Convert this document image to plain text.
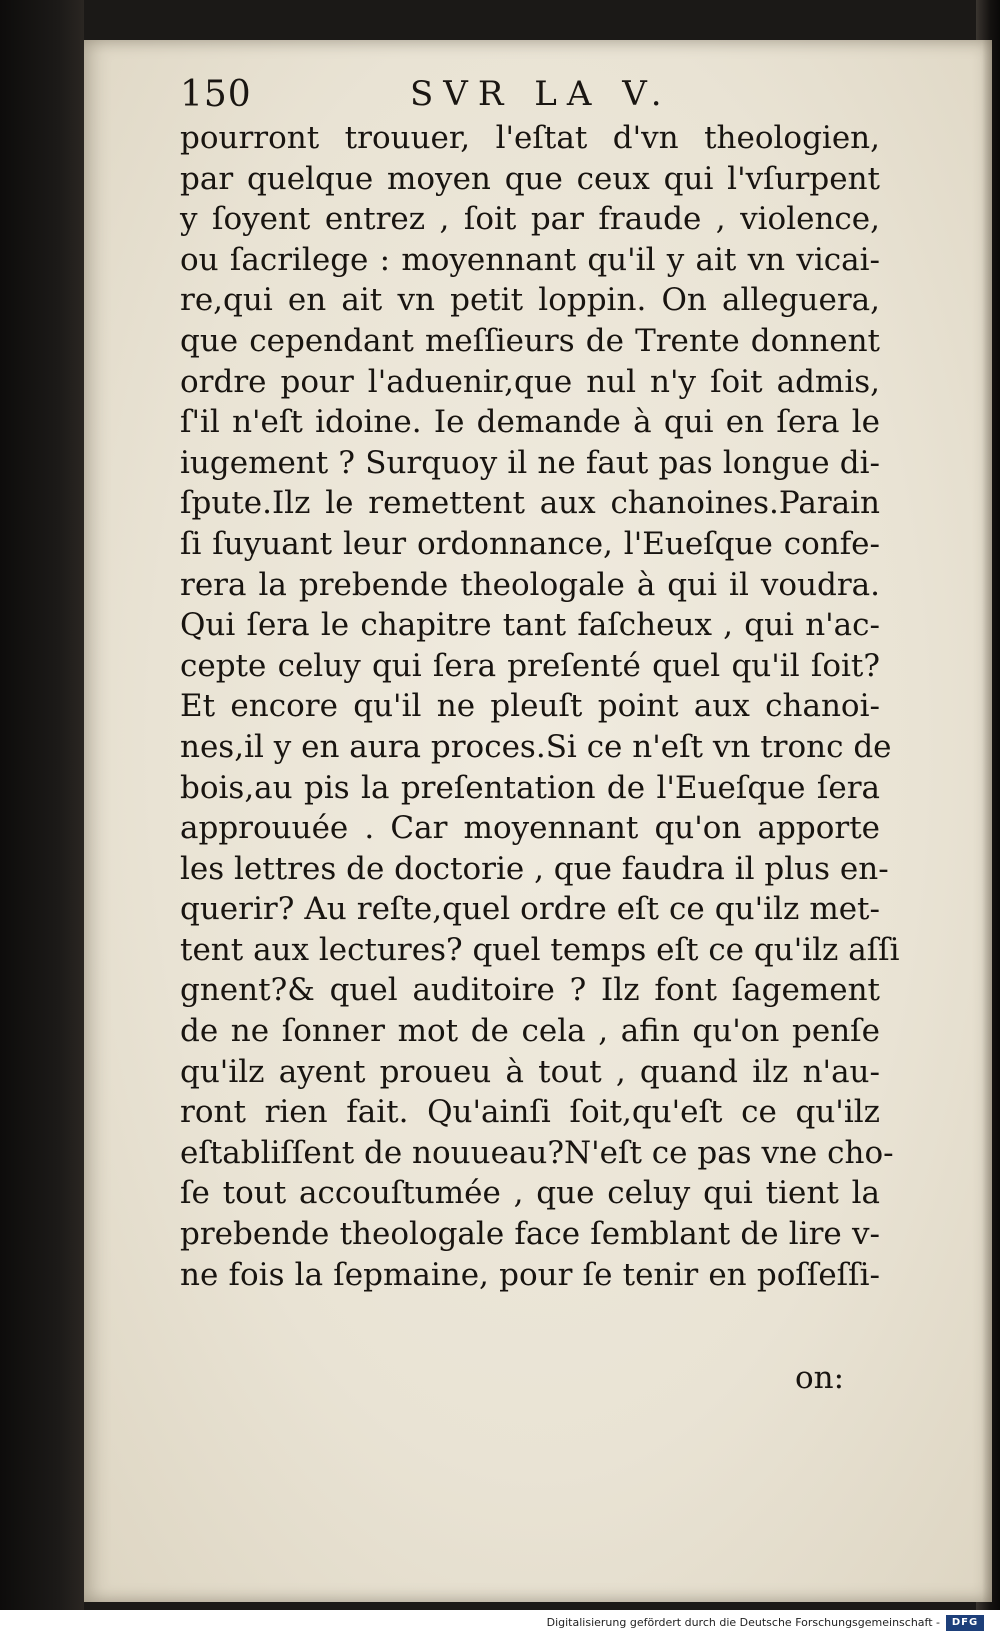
150	SVR LA V.
pourront trouuer, l'eſtat d'vn theologien,
par quelque moyen que ceux qui l'vſurpent
y ſoyent entrez , ſoit par fraude , violence,
ou ſacrilege : moyennant qu'il y ait vn vicai-
re,qui en ait vn petit loppin. On alleguera,
que cependant meſſieurs de Trente donnent
ordre pour l'aduenir,que nul n'y ſoit admis,
ſ'il n'eſt idoine. Ie demande à qui en ſera le
iugement ? Surquoy il ne faut pas longue di-
ſpute.Ilz le remettent aux chanoines.Parain
ſi ſuyuant leur ordonnance, l'Eueſque confe-
rera la prebende theologale à qui il voudra.
Qui ſera le chapitre tant faſcheux , qui n'ac-
cepte celuy qui ſera preſenté quel qu'il ſoit?
Et encore qu'il ne pleuſt point aux chanoi-
nes,il y en aura proces.Si ce n'eſt vn tronc de
bois,au pis la preſentation de l'Eueſque ſera
approuuée . Car moyennant qu'on apporte
les lettres de doctorie , que faudra il plus en-
querir? Au reſte,quel ordre eſt ce qu'ilz met-
tent aux lectures? quel temps eſt ce qu'ilz aſſi
gnent?& quel auditoire ? Ilz font ſagement
de ne ſonner mot de cela , afin qu'on penſe
qu'ilz ayent proueu à tout , quand ilz n'au-
ront rien fait. Qu'ainſi ſoit,qu'eſt ce qu'ilz
eſtabliſſent de nouueau?N'eſt ce pas vne cho-
ſe tout accouſtumée , que celuy qui tient la
prebende theologale face ſemblant de lire v-
ne fois la ſepmaine, pour ſe tenir en poſſeſſi-
on:
Digitalisierung gefördert durch die Deutsche Forschungsgemeinschaft -	DFG
